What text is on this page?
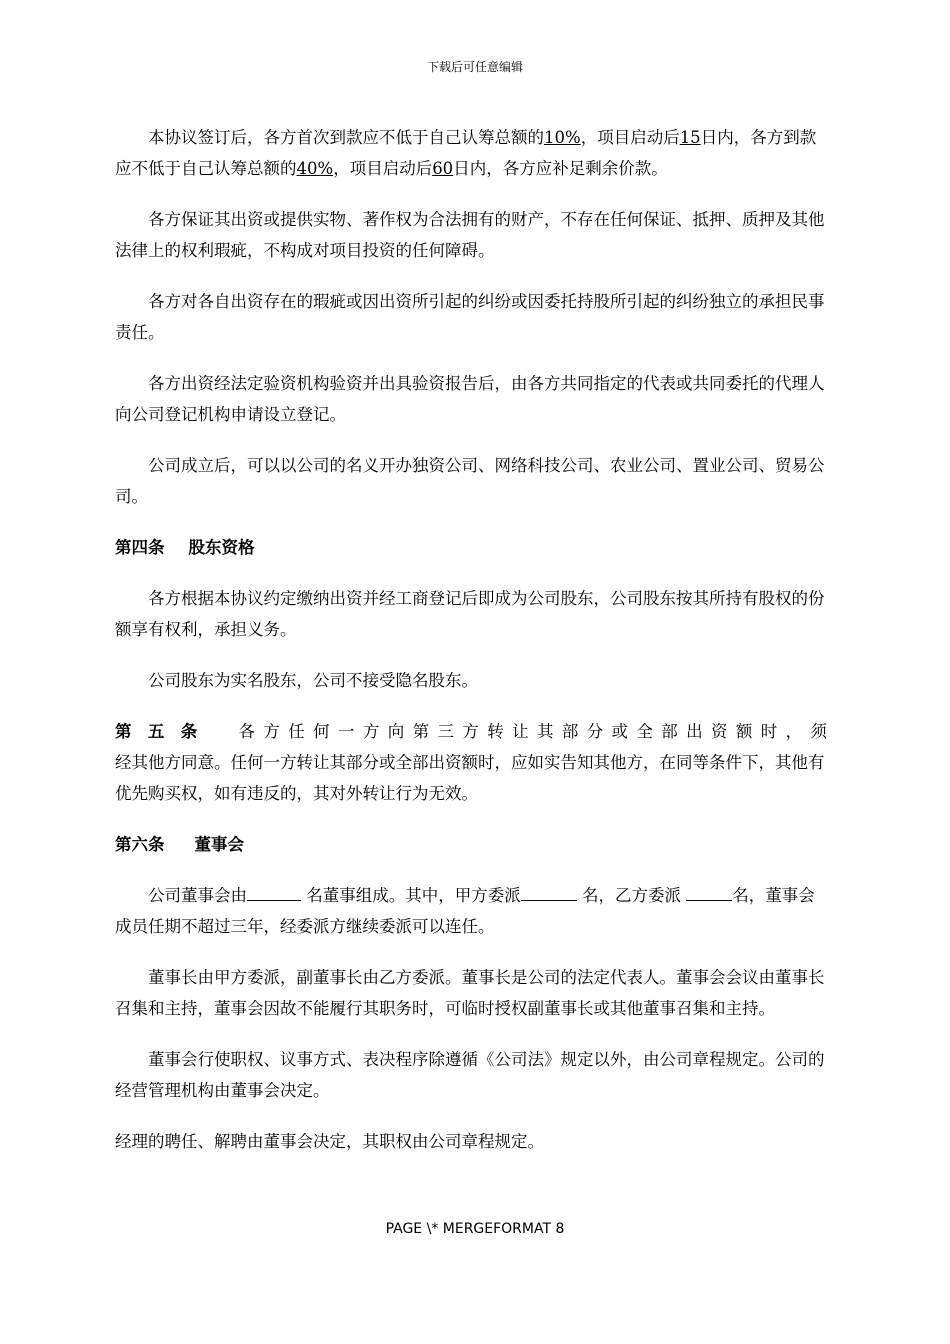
下载后可任意编辑

本协议签订后，各方首次到款应不低于自己认筹总额的10%，项目启动后15日内，各方到款应不低于自己认筹总额的40%，项目启动后60日内，各方应补足剩余价款。

各方保证其出资或提供实物、著作权为合法拥有的财产，不存在任何保证、抵押、质押及其他法律上的权利瑕疵，不构成对项目投资的任何障碍。

各方对各自出资存在的瑕疵或因出资所引起的纠纷或因委托持股所引起的纠纷独立的承担民事责任。

各方出资经法定验资机构验资并出具验资报告后，由各方共同指定的代表或共同委托的代理人向公司登记机构申请设立登记。

公司成立后，可以以公司的名义开办独资公司、网络科技公司、农业公司、置业公司、贸易公司。

第四条 股东资格

各方根据本协议约定缴纳出资并经工商登记后即成为公司股东，公司股东按其所持有股权的份额享有权利，承担义务。

公司股东为实名股东，公司不接受隐名股东。

第五条　 各方任何一方向第三方转让其部分或全部出资额时，须
经其他方同意。任何一方转让其部分或全部出资额时，应如实告知其他方，在同等条件下，其他有优先购买权，如有违反的，其对外转让行为无效。

第六条 董事会

公司董事会由	名董事组成。其中，甲方委派	名，乙方委派	名，董事会成员任期不超过三年，经委派方继续委派可以连任。

董事长由甲方委派，副董事长由乙方委派。董事长是公司的法定代表人。董事会会议由董事长召集和主持，董事会因故不能履行其职务时，可临时授权副董事长或其他董事召集和主持。

董事会行使职权、议事方式、表决程序除遵循《公司法》规定以外，由公司章程规定。公司的经营管理机构由董事会决定。

经理的聘任、解聘由董事会决定，其职权由公司章程规定。

PAGE \* MERGEFORMAT 8
